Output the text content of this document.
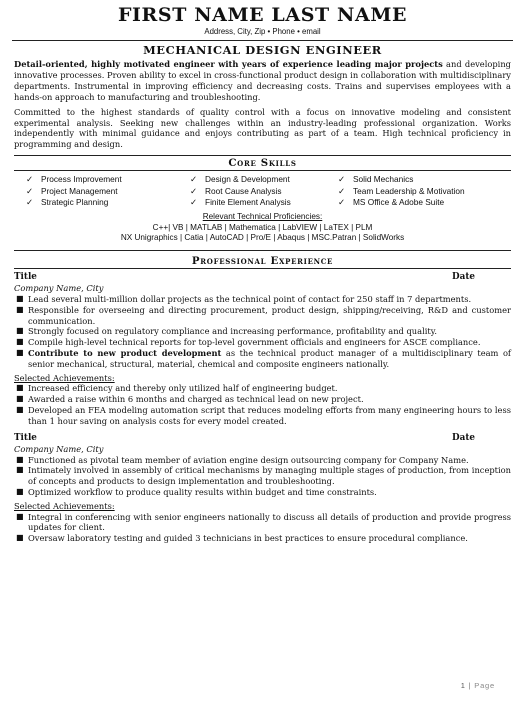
FIRST NAME LAST NAME
Address, City, Zip • Phone • email
MECHANICAL DESIGN ENGINEER

Detail-oriented, highly motivated engineer with years of experience leading major projects and developing innovative processes. Proven ability to excel in cross-functional product design in collaboration with multidisciplinary departments. Instrumental in improving efficiency and decreasing costs. Trains and supervises employees with a hands-on approach to manufacturing and troubleshooting.

Committed to the highest standards of quality control with a focus on innovative modeling and consistent experimental analysis. Seeking new challenges within an industry-leading professional organization. Works independently with minimal guidance and enjoys contributing as part of a team. High technical proficiency in programming and design.

Core Skills
✓ Process Improvement
✓ Project Management
✓ Strategic Planning
✓ Design & Development
✓ Root Cause Analysis
✓ Finite Element Analysis
✓ Solid Mechanics
✓ Team Leadership & Motivation
✓ MS Office & Adobe Suite
Relevant Technical Proficiencies:
C++| VB | MATLAB | Mathematica | LabVIEW | LaTEX | PLM
NX Unigraphics | Catia | AutoCAD | Pro/E | Abaqus | MSC.Patran | SolidWorks
Professional Experience
Title	Date
Company Name, City
■ Lead several multi-million dollar projects as the technical point of contact for 250 staff in 7 departments.
■ Responsible for overseeing and directing procurement, product design, shipping/receiving, R&D and customer communication.
■ Strongly focused on regulatory compliance and increasing performance, profitability and quality.
■ Compile high-level technical reports for top-level government officials and engineers for ASCE compliance.
■ Contribute to new product development as the technical product manager of a multidisciplinary team of senior mechanical, structural, material, chemical and composite engineers nationally.
Selected Achievements:
■ Increased efficiency and thereby only utilized half of engineering budget.
■ Awarded a raise within 6 months and charged as technical lead on new project.
■ Developed an FEA modeling automation script that reduces modeling efforts from many engineering hours to less than 1 hour saving on analysis costs for every model created.
Title	Date
Company Name, City
■ Functioned as pivotal team member of aviation engine design outsourcing company for Company Name.
■ Intimately involved in assembly of critical mechanisms by managing multiple stages of production, from inception of concepts and products to design implementation and troubleshooting.
■ Optimized workflow to produce quality results within budget and time constraints.
Selected Achievements:
■ Integral in conferencing with senior engineers nationally to discuss all details of production and provide progress updates for client.
■ Oversaw laboratory testing and guided 3 technicians in best practices to ensure procedural compliance.
1 | Page
